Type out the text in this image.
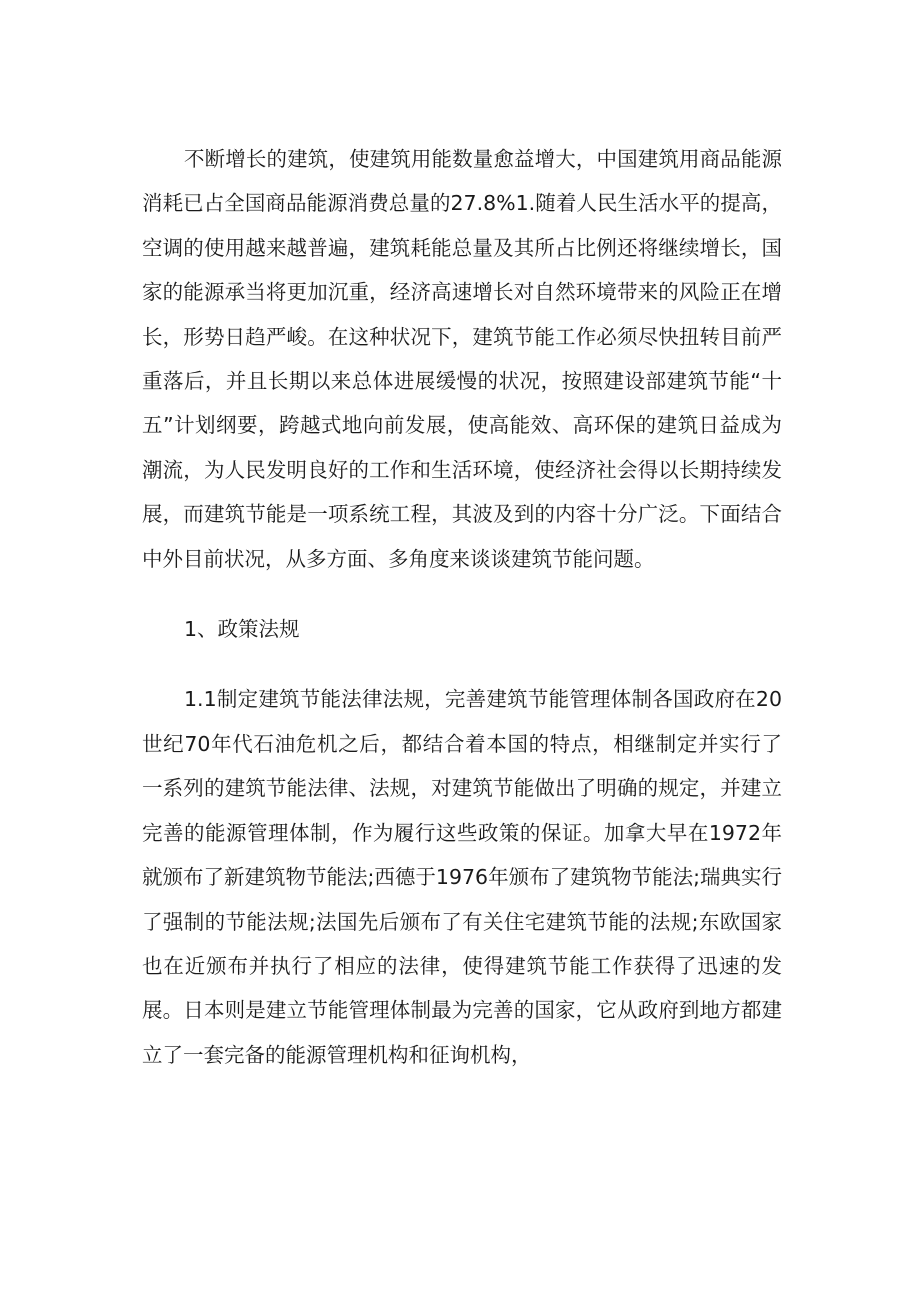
不断增长的建筑，使建筑用能数量愈益增大，中国建筑用商品能源消耗已占全国商品能源消费总量的27.8%1.随着人民生活水平的提高，空调的使用越来越普遍，建筑耗能总量及其所占比例还将继续增长，国家的能源承当将更加沉重，经济高速增长对自然环境带来的风险正在增长，形势日趋严峻。在这种状况下，建筑节能工作必须尽快扭转目前严重落后，并且长期以来总体进展缓慢的状况，按照建设部建筑节能“十五”计划纲要，跨越式地向前发展，使高能效、高环保的建筑日益成为潮流，为人民发明良好的工作和生活环境，使经济社会得以长期持续发展，而建筑节能是一项系统工程，其波及到的内容十分广泛。下面结合中外目前状况，从多方面、多角度来谈谈建筑节能问题。

1、政策法规

1.1制定建筑节能法律法规，完善建筑节能管理体制各国政府在20世纪70年代石油危机之后，都结合着本国的特点，相继制定并实行了一系列的建筑节能法律、法规，对建筑节能做出了明确的规定，并建立完善的能源管理体制，作为履行这些政策的保证。加拿大早在1972年就颁布了新建筑物节能法;西德于1976年颁布了建筑物节能法;瑞典实行了强制的节能法规;法国先后颁布了有关住宅建筑节能的法规;东欧国家也在近颁布并执行了相应的法律，使得建筑节能工作获得了迅速的发展。日本则是建立节能管理体制最为完善的国家，它从政府到地方都建立了一套完备的能源管理机构和征询机构，
